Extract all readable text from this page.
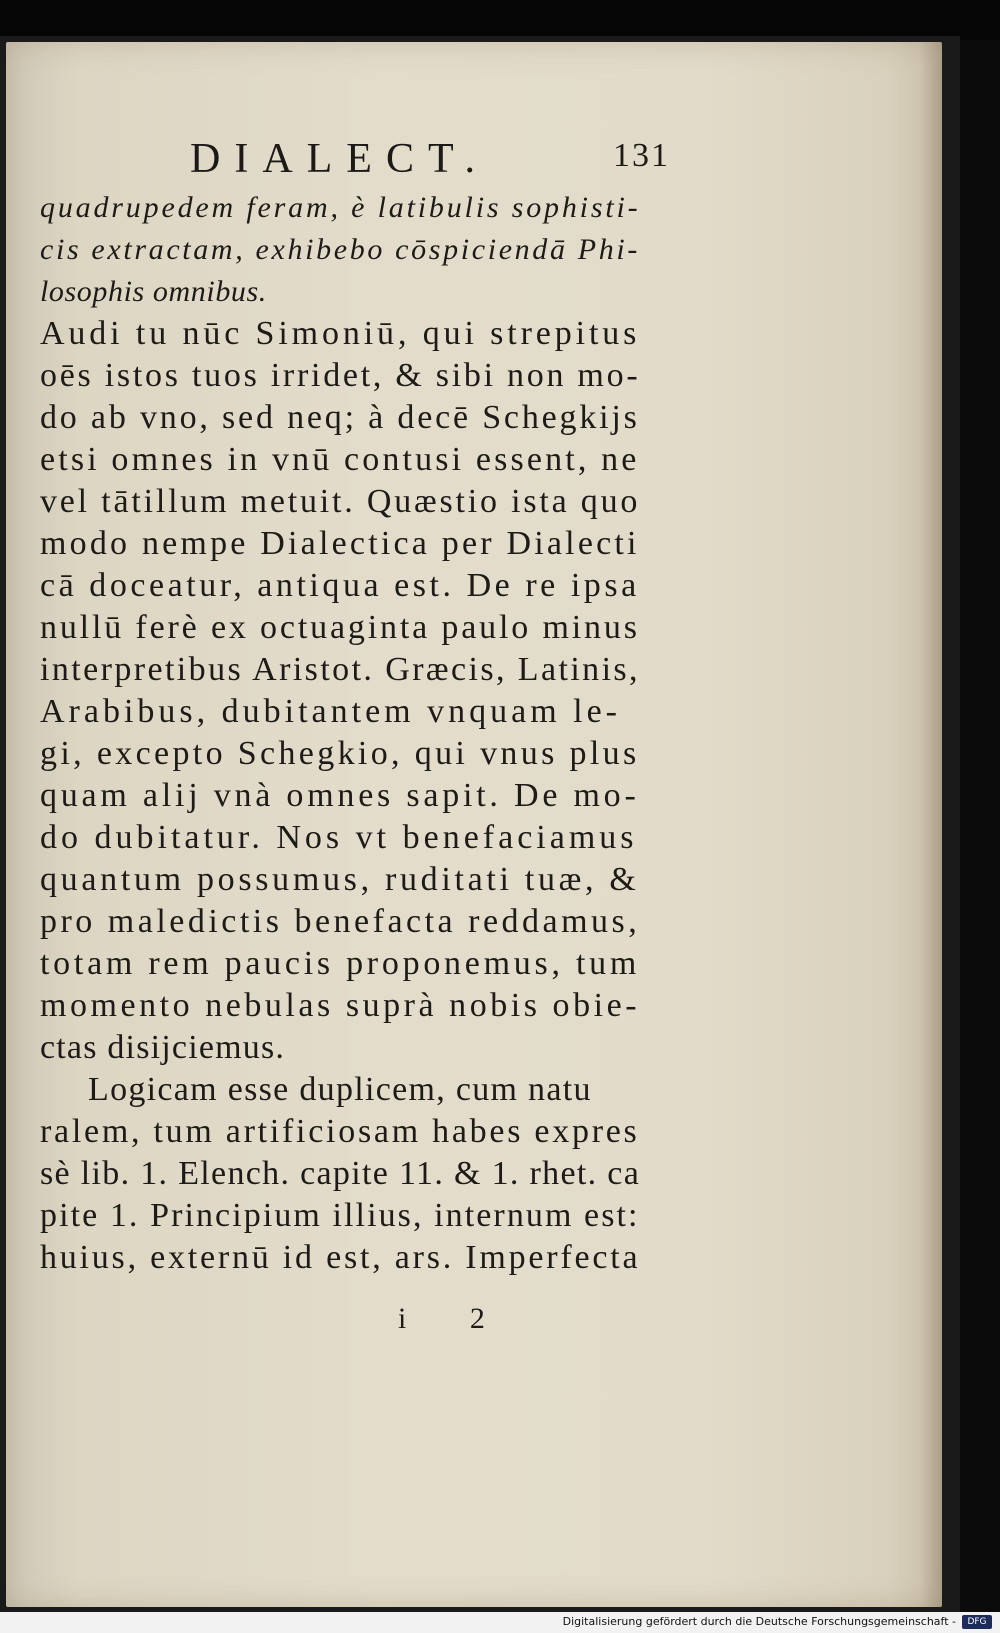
DIALECT.	131
quadrupedem feram, è latibulis sophisti-
cis extractam, exhibebo cōspiciendā Phi-
losophis omnibus.
Audi tu nūc Simoniū, qui strepitus
oēs istos tuos irridet, & sibi non mo-
do ab vno, sed neq; à decē Schegkijs
etsi omnes in vnū contusi essent, ne
vel tātillum metuit. Quæstio ista quo
modo nempe Dialectica per Dialecti
cā doceatur, antiqua est. De re ipsa
nullū ferè ex octuaginta paulo minus
interpretibus Aristot. Græcis, Latinis,
Arabibus, dubitantem vnquam le-
gi, excepto Schegkio, qui vnus plus
quam alij vnà omnes sapit. De mo-
do dubitatur. Nos vt benefaciamus
quantum possumus, ruditati tuæ, &
pro maledictis benefacta reddamus,
totam rem paucis proponemus, tum
momento nebulas suprà nobis obie-
ctas disijciemus.
Logicam esse duplicem, cum natu
ralem, tum artificiosam habes expres
sè lib. 1. Elench. capite 11. & 1. rhet. ca
pite 1. Principium illius, internum est:
huius, externū id est, ars. Imperfecta
i 2
Digitalisierung gefördert durch die Deutsche Forschungsgemeinschaft -	DFG
